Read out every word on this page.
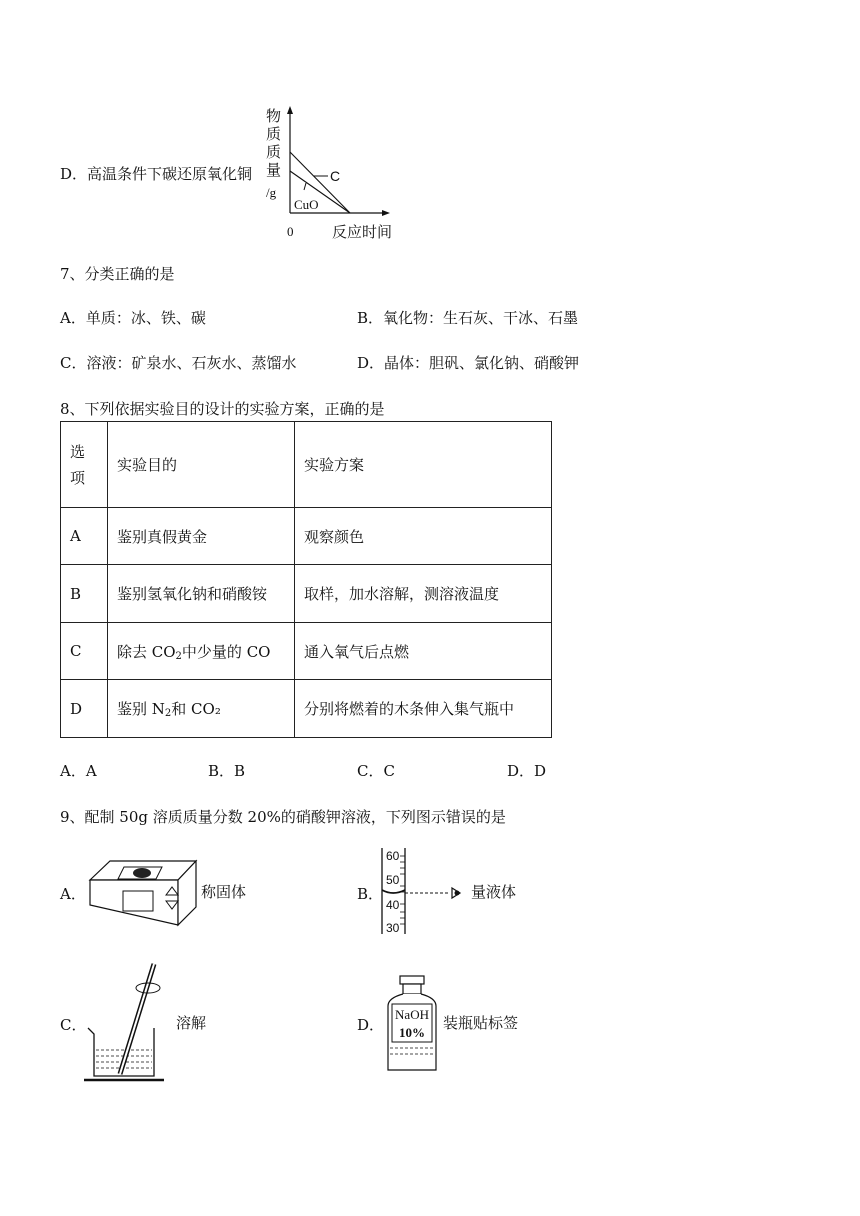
D．高温条件下碳还原氧化铜
物
质
质
量
/g
C
CuO
0	反应时间
7、分类正确的是
A．单质：冰、铁、碳	B．氧化物：生石灰、干冰、石墨
C．溶液：矿泉水、石灰水、蒸馏水	D．晶体：胆矾、氯化钠、硝酸钾
8、下列依据实验目的设计的实验方案，正确的是
选
项	实验目的	实验方案
A	鉴别真假黄金	观察颜色
B	鉴别氢氧化钠和硝酸铵	取样，加水溶解，测溶液温度
C	除去 $CO_2$中少量的 CO	通入氧气后点燃
D	鉴别 $N_2$和 CO₂	分别将燃着的木条伸入集气瓶中
A．A	B．B	C．C	D．D
9、配制 50g 溶质质量分数 20%的硝酸钾溶液，下列图示错误的是
A．	称固体	B．
60
50
40
30
量液体
C．	溶解	D．
NaOH
10%
装瓶贴标签
